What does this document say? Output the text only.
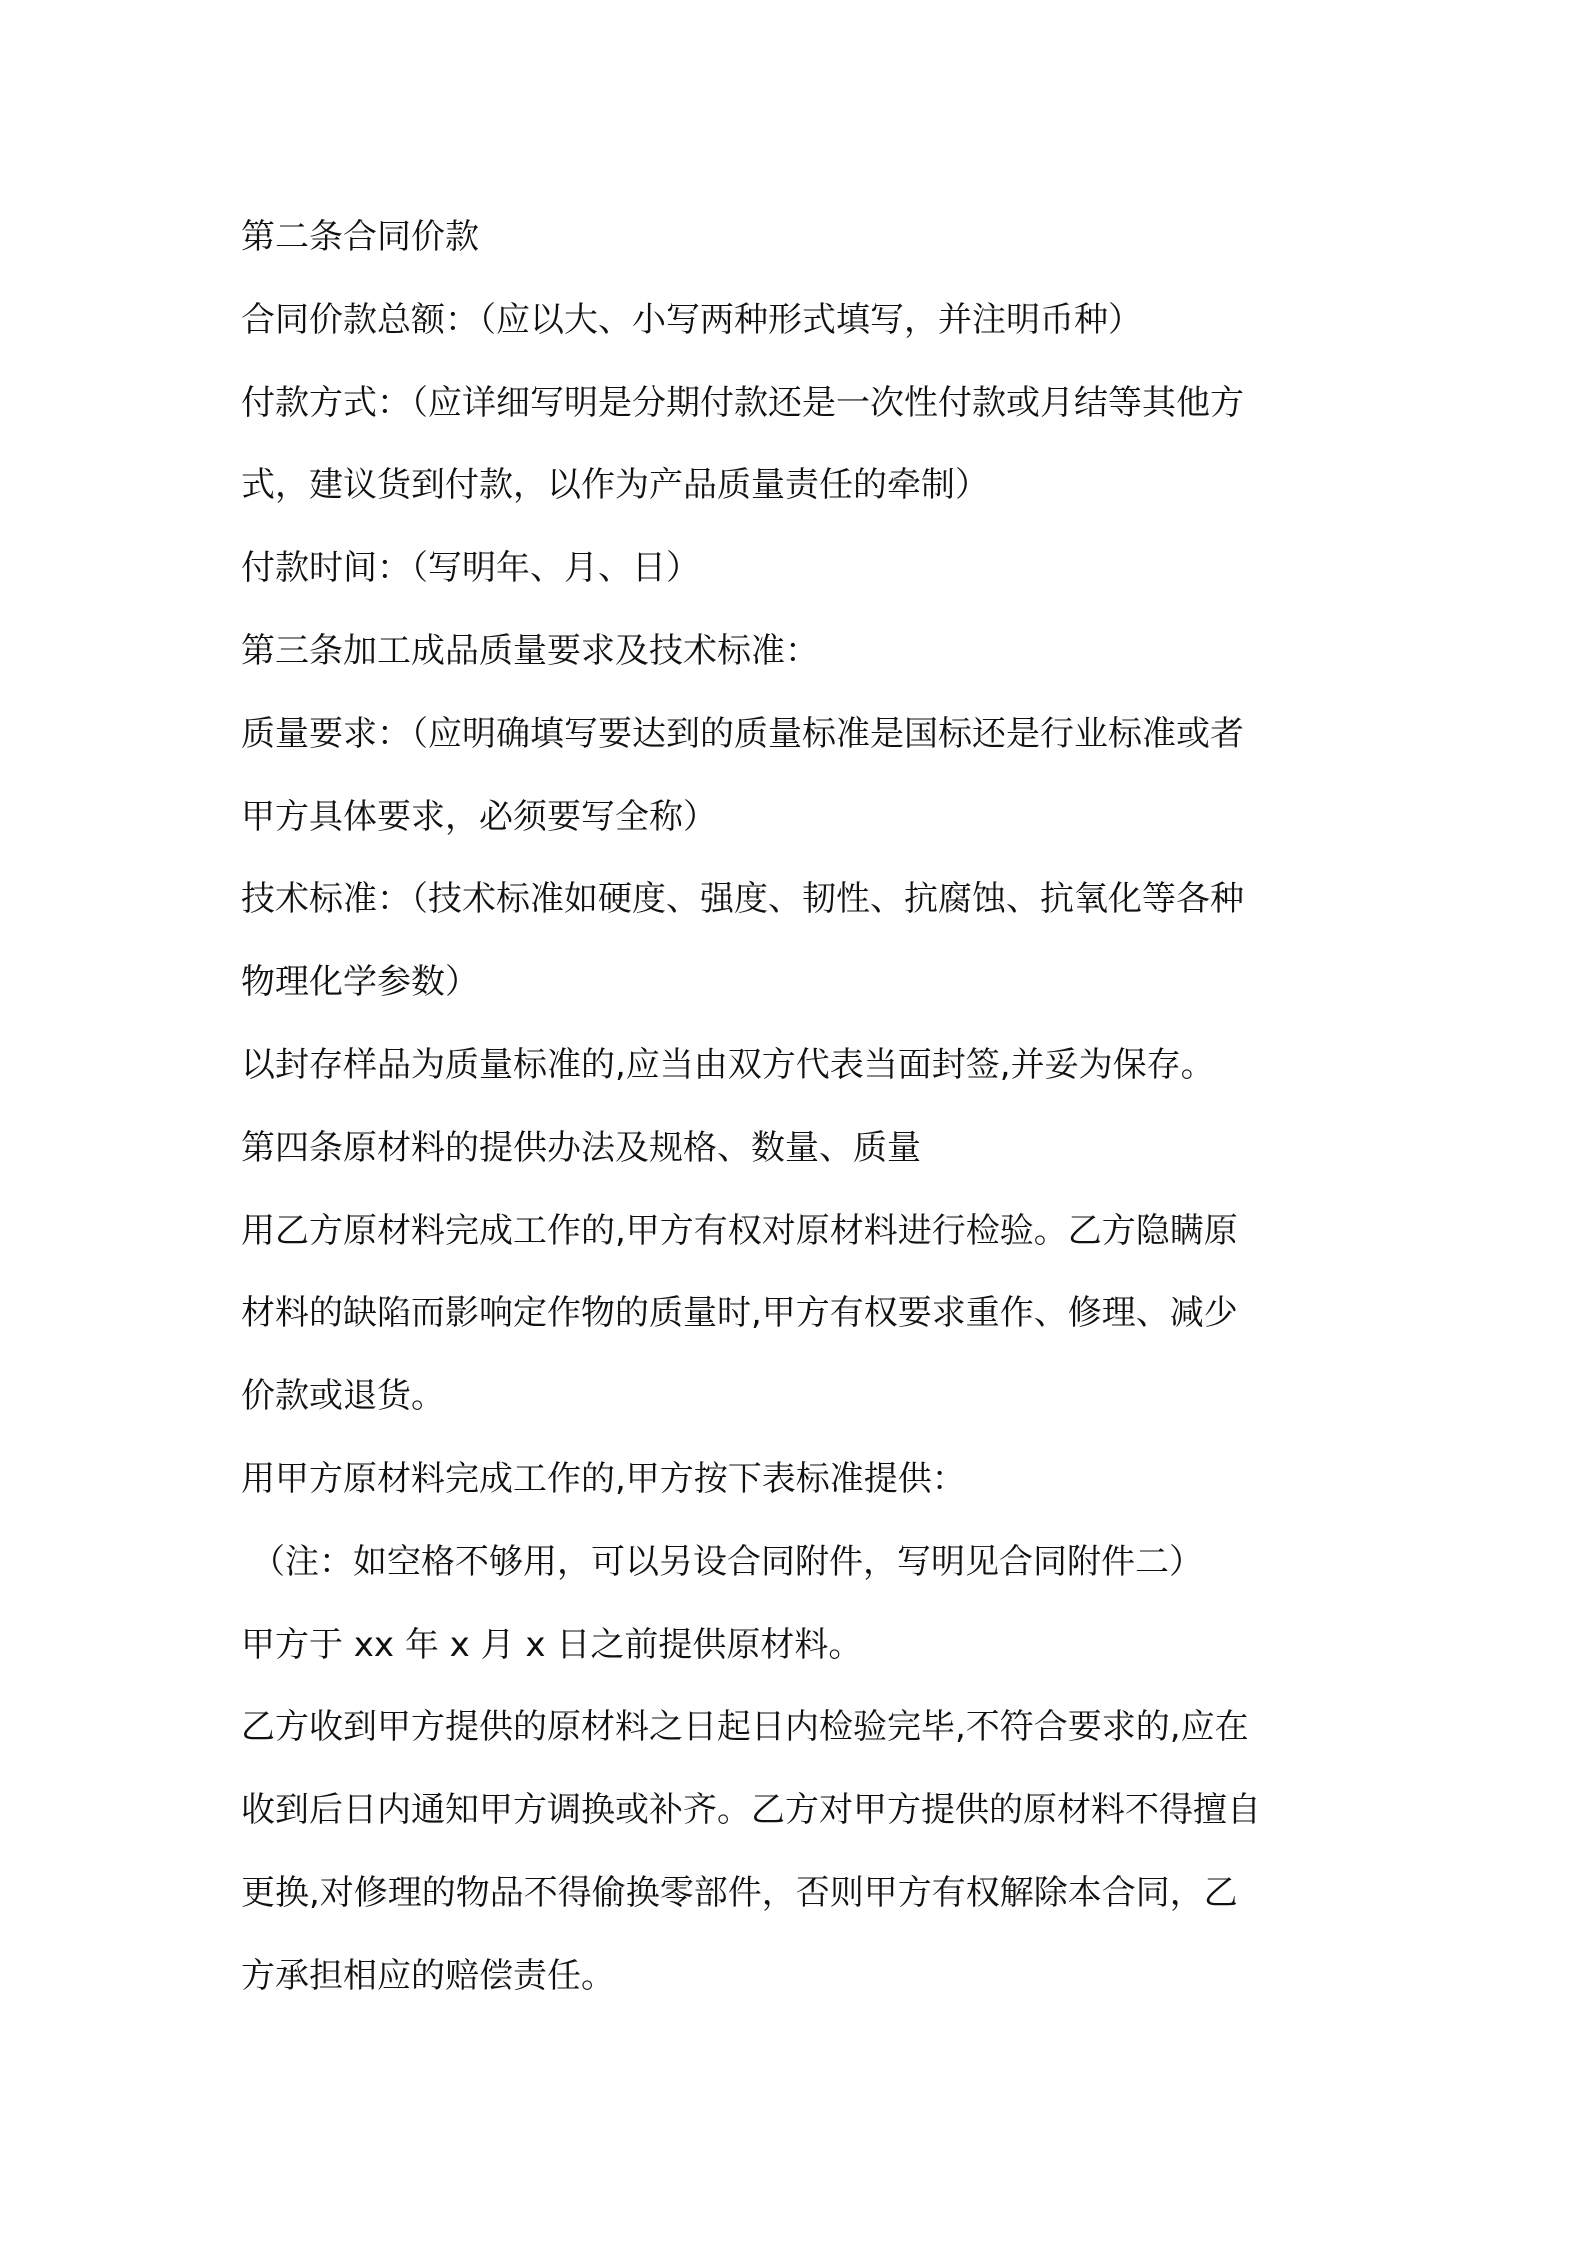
第二条合同价款
合同价款总额：（应以大、小写两种形式填写，并注明币种）
付款方式：（应详细写明是分期付款还是一次性付款或月结等其他方
式，建议货到付款，以作为产品质量责任的牵制）
付款时间：（写明年、月、日）
第三条加工成品质量要求及技术标准：
质量要求：（应明确填写要达到的质量标准是国标还是行业标准或者
甲方具体要求，必须要写全称）
技术标准：（技术标准如硬度、强度、韧性、抗腐蚀、抗氧化等各种
物理化学参数）
以封存样品为质量标准的,应当由双方代表当面封签,并妥为保存。
第四条原材料的提供办法及规格、数量、质量
用乙方原材料完成工作的,甲方有权对原材料进行检验。乙方隐瞒原
材料的缺陷而影响定作物的质量时,甲方有权要求重作、修理、减少
价款或退货。
用甲方原材料完成工作的,甲方按下表标准提供：
（注：如空格不够用，可以另设合同附件，写明见合同附件二）
甲方于 xx 年 x 月 x 日之前提供原材料。
乙方收到甲方提供的原材料之日起日内检验完毕,不符合要求的,应在
收到后日内通知甲方调换或补齐。乙方对甲方提供的原材料不得擅自
更换,对修理的物品不得偷换零部件，否则甲方有权解除本合同，乙
方承担相应的赔偿责任。
